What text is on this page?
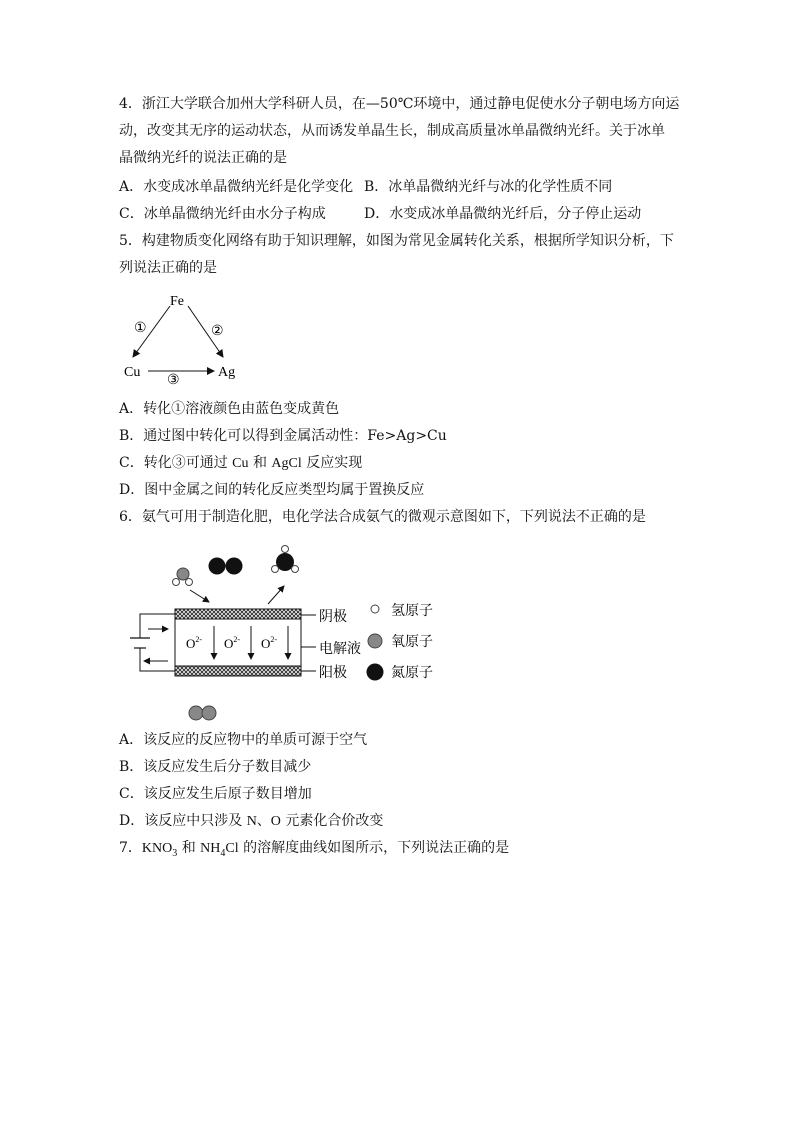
4．浙江大学联合加州大学科研人员，在—50℃环境中，通过静电促使水分子朝电场方向运
动，改变其无序的运动状态，从而诱发单晶生长，制成高质量冰单晶微纳光纤。关于冰单
晶微纳光纤的说法正确的是
A．水变成冰单晶微纳光纤是化学变化 B．冰单晶微纳光纤与冰的化学性质不同
C．冰单晶微纳光纤由水分子构成	D．水变成冰单晶微纳光纤后，分子停止运动
5．构建物质变化网络有助于知识理解，如图为常见金属转化关系，根据所学知识分析，下
列说法正确的是
Fe
Cu	Ag
①	②
③
A．转化①溶液颜色由蓝色变成黄色
B．通过图中转化可以得到金属活动性：Fe>Ag>Cu
C．转化③可通过 Cu 和 AgCl 反应实现
D．图中金属之间的转化反应类型均属于置换反应
6．氨气可用于制造化肥，电化学法合成氨气的微观示意图如下，下列说法不正确的是
$O^{2-}$ $O^{2-}$ $O^{2-}$
阴极
电解液
阳极
氢原子
氧原子
氮原子
A．该反应的反应物中的单质可源于空气
B．该反应发生后分子数目减少
C．该反应发生后原子数目增加
D．该反应中只涉及 N、O 元素化合价改变
7．$KNO_3$ 和 $NH_4Cl$ 的溶解度曲线如图所示，下列说法正确的是
